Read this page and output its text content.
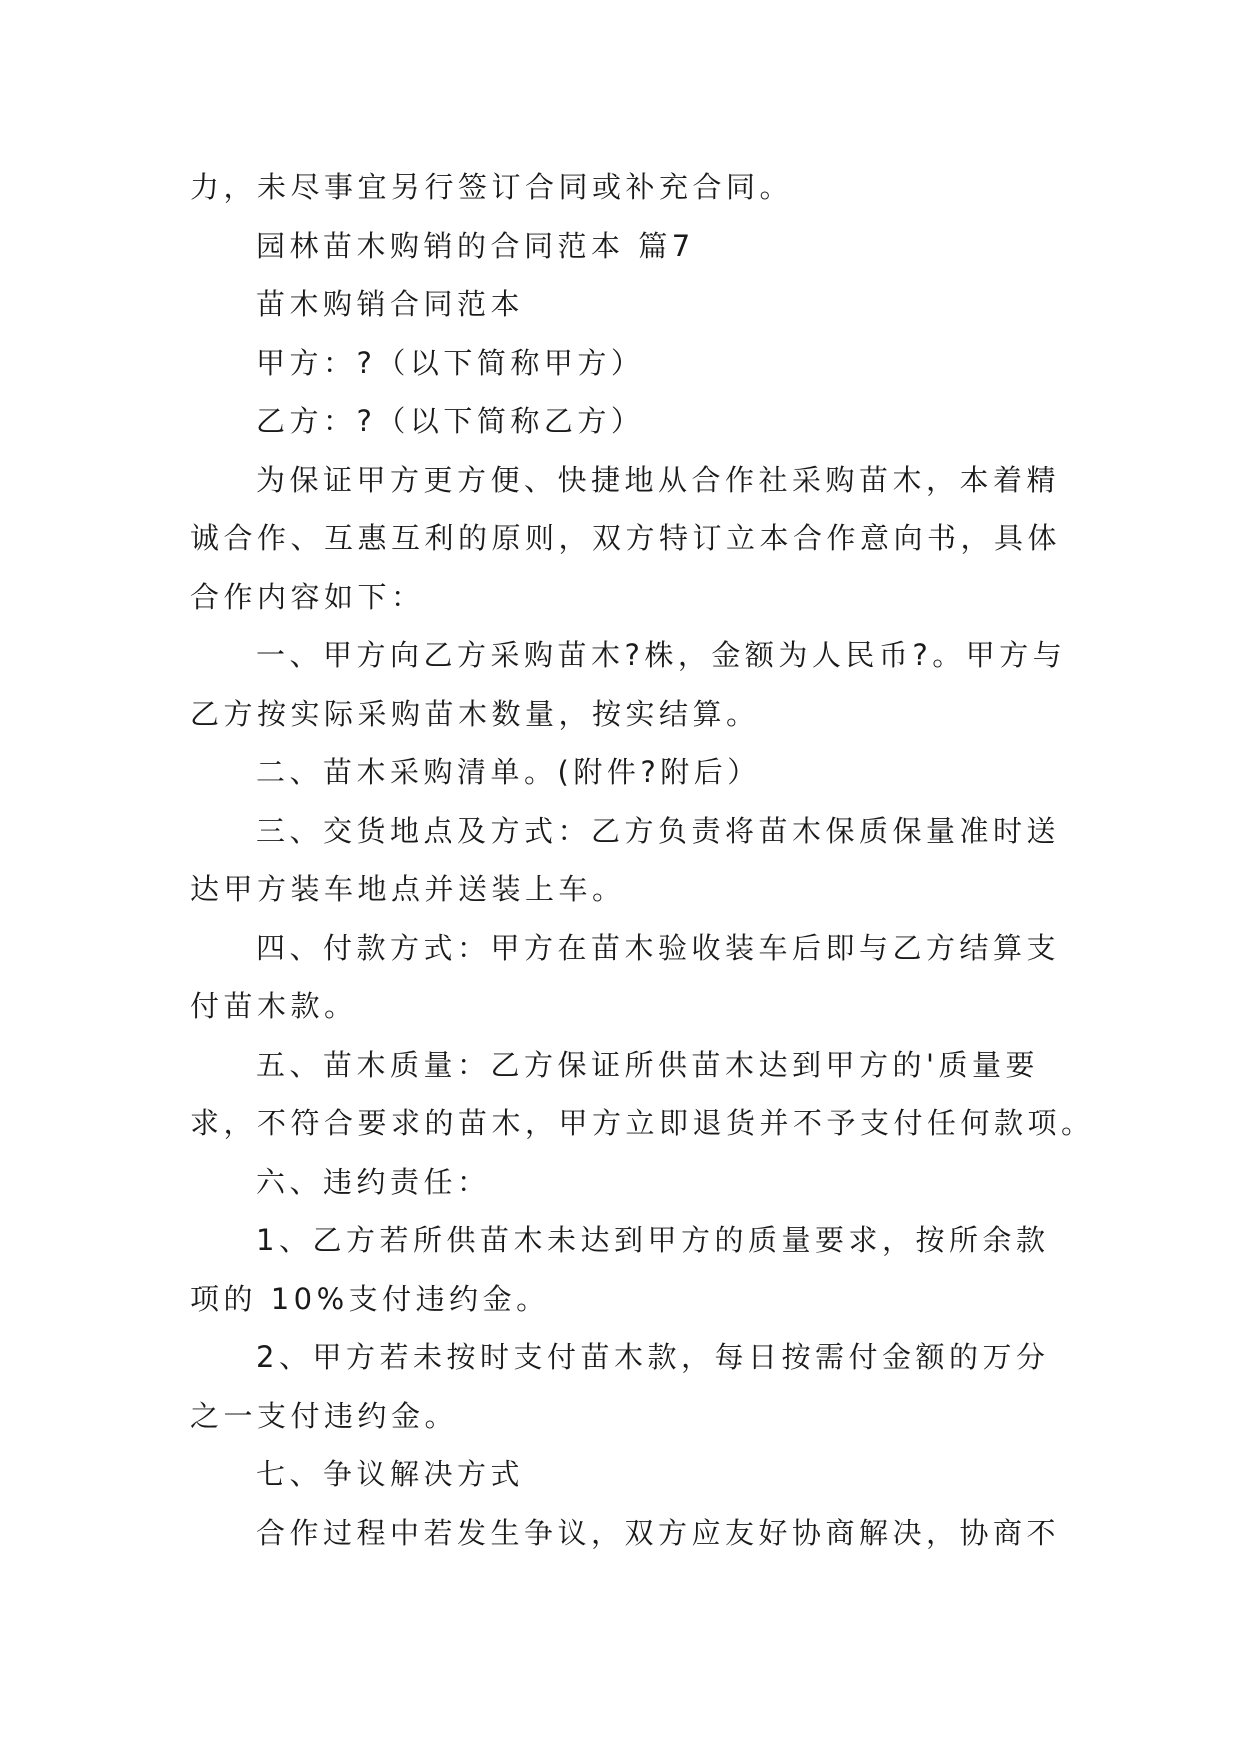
力，未尽事宜另行签订合同或补充合同。
园林苗木购销的合同范本 篇7
苗木购销合同范本
甲方：?（以下简称甲方）
乙方：?（以下简称乙方）
为保证甲方更方便、快捷地从合作社采购苗木，本着精
诚合作、互惠互利的原则，双方特订立本合作意向书，具体
合作内容如下：
一、甲方向乙方采购苗木?株，金额为人民币?。甲方与
乙方按实际采购苗木数量，按实结算。
二、苗木采购清单。(附件?附后）
三、交货地点及方式：乙方负责将苗木保质保量准时送
达甲方装车地点并送装上车。
四、付款方式：甲方在苗木验收装车后即与乙方结算支
付苗木款。
五、苗木质量：乙方保证所供苗木达到甲方的'质量要
求，不符合要求的苗木，甲方立即退货并不予支付任何款项。
六、违约责任：
1、乙方若所供苗木未达到甲方的质量要求，按所余款
项的 10%支付违约金。
2、甲方若未按时支付苗木款，每日按需付金额的万分
之一支付违约金。
七、争议解决方式
合作过程中若发生争议，双方应友好协商解决，协商不
